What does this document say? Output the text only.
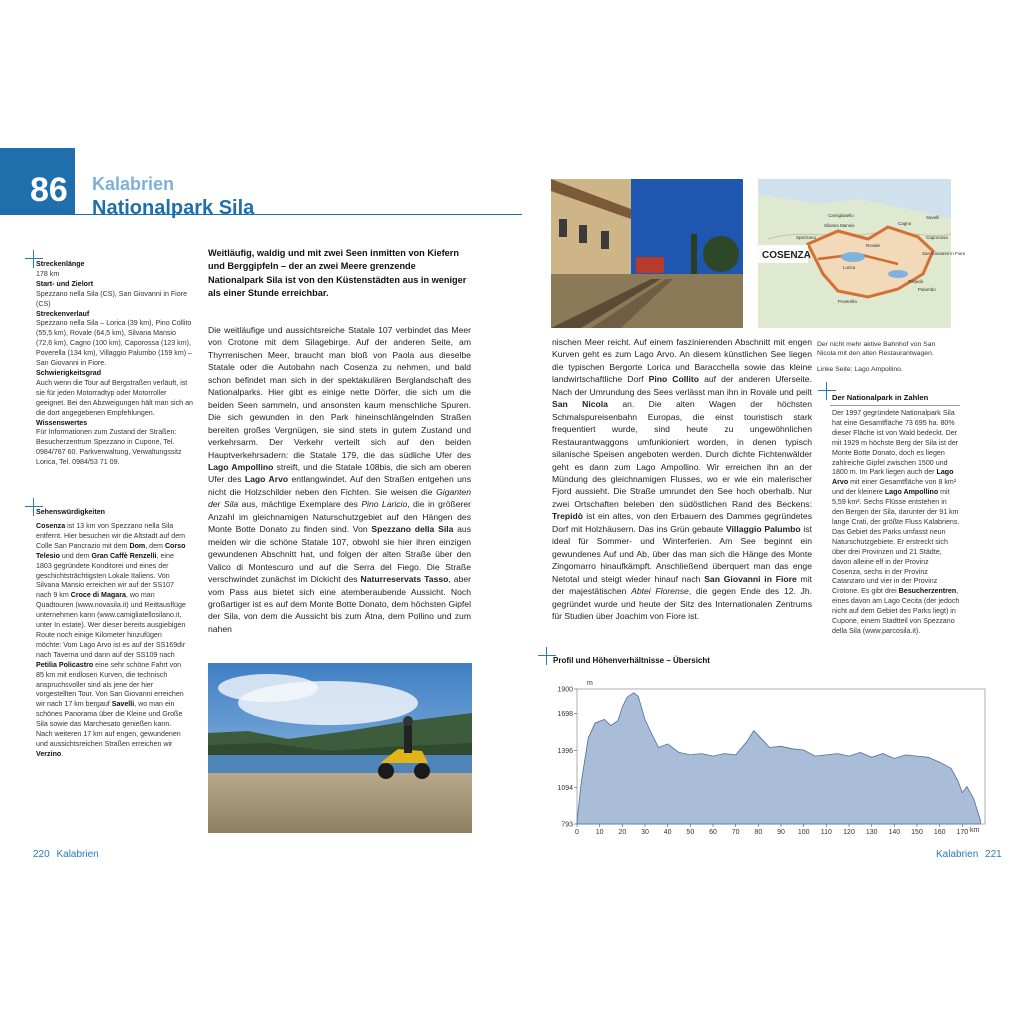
86 Kalabrien
Nationalpark Sila
Streckenlänge
178 km
Start- und Zielort
Spezzano nella Sila (CS), San Giovanni in Fiore (CS)
Streckenverlauf
Spezzano nella Sila – Lorica (39 km), Pino Collito (55,5 km), Rovale (64,5 km), Silvana Mansio (72,6 km), Cagno (100 km), Caporossa (123 km), Poverella (134 km), Villaggio Palumbo (159 km) – San Giovanni in Fiore.
Schwierigkeitsgrad
Auch wenn die Tour auf Bergstraßen verläuft, ist sie für jeden Motorradtyp oder Motorroller geeignet. Bei den Abzweigungen hält man sich an die dort angegebenen Empfehlungen.
Wissenswertes
Für Informationen zum Zustand der Straßen: Besucherzentrum Spezzano in Cupone, Tel. 0984/767 60. Parkverwaltung, Verwaltungssitz Lorica, Tel. 0984/53 71 09.
Sehenswürdigkeiten
Cosenza ist 13 km von Spezzano nella Sila entfernt. Hier besuchen wir die Altstadt auf dem Colle San Pancrazio mit dem Dom, dem Corso Telesio und dem Gran Caffè Renzelli, eine 1803 gegründete Konditorei und eines der geschichtsträchtigsten Lokale Italiens. Von Silvana Mansio erreichen wir auf der SS107 nach 9 km Croce di Magara, wo man Quadtouren (www.novasila.it) und Reittausflüge unternehmen kann (www.camigliatellosilano.it, unter In estate). Wer dieser bereits ausgiebigen Route noch einige Kilometer hinzufügen möchte: Vom Lago Arvo ist es auf der SS169dir nach Taverna und dann auf der SS109 nach Petilia Policastro eine sehr schöne Fahrt von 85 km mit endlosen Kurven, die technisch anspruchsvoller sind als jene der hier vorgestellten Tour. Von San Giovanni erreichen wir nach 17 km bergauf Savelli, wo man ein schönes Panorama über die Kleine und Große Sila sowie das Marchesato genießen kann. Nach weiteren 17 km auf engen, gewundenen und aussichtsreichen Straßen erreichen wir Verzino.
Weitläufig, waldig und mit zwei Seen inmitten von Kiefern und Berggipfeln – der an zwei Meere grenzende Nationalpark Sila ist von den Küstenstädten aus in weniger als einer Stunde erreichbar.
Die weitläufige und aussichtsreiche Statale 107 verbindet das Meer von Crotone mit dem Silagebirge. Auf der anderen Seite, am Thyrrenischen Meer, braucht man bloß von Paola aus dieselbe Statale oder die Autobahn nach Cosenza zu nehmen, und bald schon befindet man sich in der spektakulären Berglandschaft des Nationalparks. Hier gibt es einige nette Dörfer, die sich um die beiden Seen sammeln, und ansonsten kaum menschliche Spuren. Die sich gewunden in den Park hineinschlängelnden Straßen bereiten großes Vergnügen, sie sind stets in gutem Zustand und verkehrsarm. Der Verkehr verteilt sich auf den beiden Hauptverkehrsadern: die Statale 179, die das südliche Ufer des Lago Ampollino streift, und die Statale 108bis, die sich am oberen Ufer des Lago Arvo entlangwindet. Auf den Straßen entgehen uns nicht die Holzschilder neben den Fichten. Sie weisen die Giganten der Sila aus, mächtige Exemplare des Pino Laricio, die in größerer Anzahl im gleichnamigen Naturschutzgebiet auf den Hängen des Monte Botte Donato zu finden sind. Von Spezzano della Sila aus meiden wir die schöne Statale 107, obwohl sie hier ihren einzigen gewundenen Abschnitt hat, und folgen der alten Straße über den Valico di Montescuro und auf die Serra del Fiego. Die Straße verschwindet zunächst im Dickicht des Naturreservats Tasso, aber vom Pass aus bietet sich eine atemberaubende Aussicht. Noch großartiger ist es auf dem Monte Botte Donato, dem höchsten Gipfel der Sila, von dem die Aussicht bis zum Ätna, dem Pollino und zum nahen
COSENZA
Spezzano
Silvana Mansio
Lorica
Rovale
Camigliatello
Cagno
Caporossa
Savelli
San Giovanni in Fiore
Palumbo
Poverella
Trepidò
nischen Meer reicht. Auf einem faszinierenden Abschnitt mit engen Kurven geht es zum Lago Arvo. An diesem künstlichen See liegen die typischen Bergorte Lorica und Baracchella sowie das kleine landwirtschaftliche Dorf Pino Collito auf der anderen Uferseite. Nach der Umrundung des Sees verlässt man ihn in Rovale und peilt San Nicola an. Die alten Wagen der höchsten Schmalspureisenbahn Europas, die einst touristisch stark frequentiert wurde, sind heute zu ungewöhnlichen Restaurantwaggons umfunkioniert worden, in denen typisch silanische Speisen angeboten werden. Durch dichte Fichtenwälder geht es dann zum Lago Ampollino. Wir erreichen ihn an der Mündung des gleichnamigen Flusses, wo er wie ein malerischer Fjord aussieht. Die Straße umrundet den See hoch oberhalb. Nur zwei Ortschaften beleben den südöstlichen Rand des Beckens: Trepidò ist ein altes, von den Erbauern des Dammes gegründetes Dorf mit Holzhäusern. Das ins Grün gebaute Villaggio Palumbo ist ideal für Sommer- und Winterferien. Am See beginnt ein gewundenes Auf und Ab, über das man sich die Hänge des Monte Zingomarro hinaufkämpft. Anschließend überquert man das enge Netotal und steigt wieder hinauf nach San Giovanni in Fiore mit der majestätischen Abtei Florense, die gegen Ende des 12. Jh. gegründet wurde und heute der Sitz des Internationalen Zentrums für Studien über Joachim von Fiore ist.
Der nicht mehr aktive Bahnhof von San Nicola mit den alten Restaurantwagen.
Linke Seite: Lago Ampollino.
Der Nationalpark in Zahlen
Der 1997 gegründete Nationalpark Sila hat eine Gesamtfläche 73 695 ha. 80% dieser Fläche ist von Wald bedeckt. Der mit 1929 m höchste Berg der Sila ist der Monte Botte Donato, doch es liegen zahlreiche Gipfel zwischen 1500 und 1800 m. Im Park liegen auch der Lago Arvo mit einer Gesamtfläche von 8 km² und der kleinere Lago Ampollino mit 5,59 km². Sechs Flüsse entstehen in den Bergen der Sila, darunter der 91 km lange Crati, der größte Fluss Kalabriens. Das Gebiet des Parks umfasst neun Naturschutzgebiete. Er erstreckt sich über drei Provinzen und 21 Städte, davon alleine elf in der Provinz Cosenza, sechs in der Provinz Catanzaro und vier in der Provinz Crotone. Es gibt drei Besucherzentren, eines davon am Lago Cecita (der jedoch nicht auf dem Gebiet des Parks liegt) in Cupone, einem Stadtteil von Spezzano della Sila (www.parcosila.it).
Profil und Höhenverhältnisse – Übersicht
793
1094
1396
1698
1900
0 10 20 30 40 50 60 70 80 90 100 110 120 130 140 150 160 170
m
km
220 Kalabrien	Kalabrien 221
